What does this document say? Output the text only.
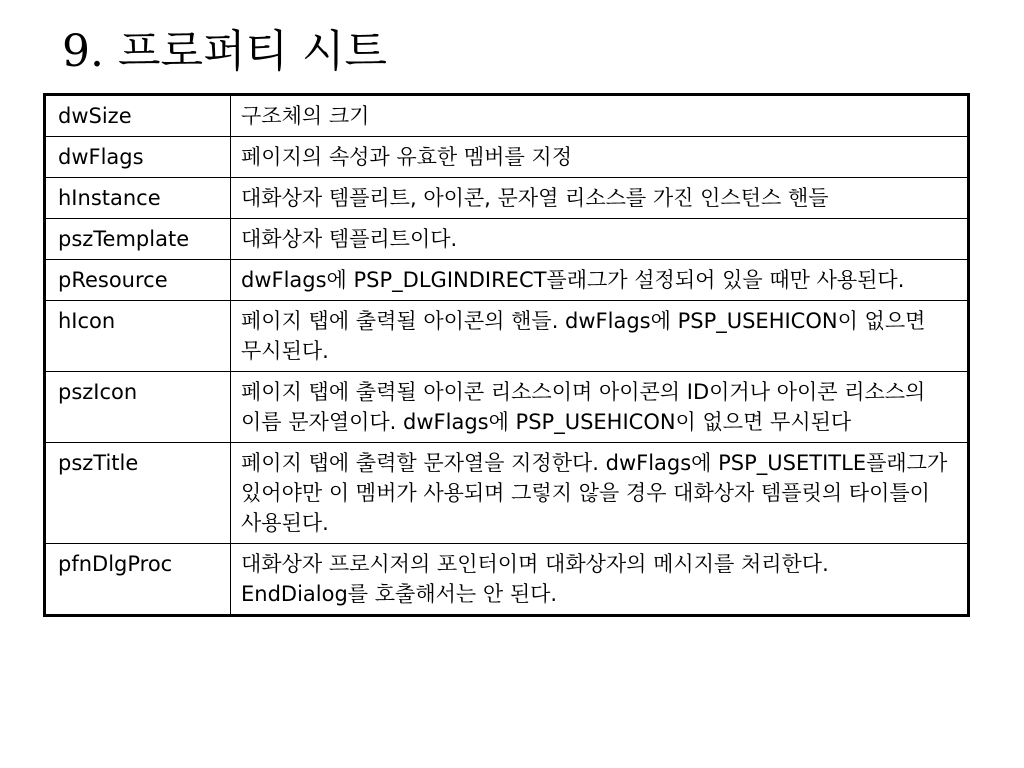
9. 프로퍼티 시트
dwSize	구조체의 크기
dwFlags	페이지의 속성과 유효한 멤버를 지정
hInstance	대화상자 템플리트, 아이콘, 문자열 리소스를 가진 인스턴스 핸들
pszTemplate	대화상자 템플리트이다.
pResource	dwFlags에 PSP_DLGINDIRECT플래그가 설정되어 있을 때만 사용된다.
hIcon	페이지 탭에 출력될 아이콘의 핸들. dwFlags에 PSP_USEHICON이 없으면 무시된다.
pszIcon	페이지 탭에 출력될 아이콘 리소스이며 아이콘의 ID이거나 아이콘 리소스의 이름 문자열이다. dwFlags에 PSP_USEHICON이 없으면 무시된다
pszTitle	페이지 탭에 출력할 문자열을 지정한다. dwFlags에 PSP_USETITLE플래그가 있어야만 이 멤버가 사용되며 그렇지 않을 경우 대화상자 템플릿의 타이틀이 사용된다.
pfnDlgProc	대화상자 프로시저의 포인터이며 대화상자의 메시지를 처리한다. EndDialog를 호출해서는 안 된다.
